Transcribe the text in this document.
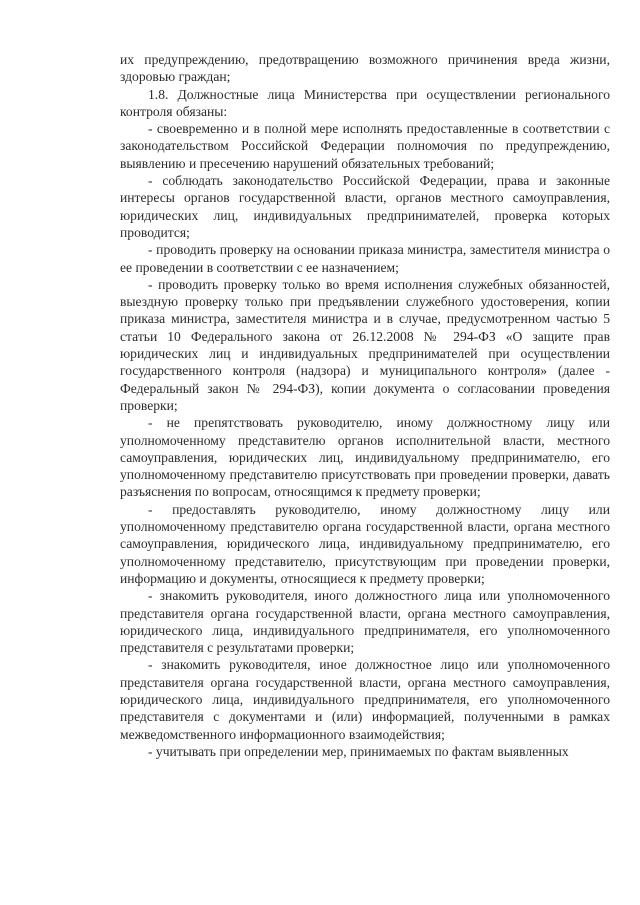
их предупреждению, предотвращению возможного причинения вреда жизни, здоровью граждан;

1.8. Должностные лица Министерства при осуществлении регионального контроля обязаны:

- своевременно и в полной мере исполнять предоставленные в соответствии с законодательством Российской Федерации полномочия по предупреждению, выявлению и пресечению нарушений обязательных требований;

- соблюдать законодательство Российской Федерации, права и законные интересы органов государственной власти, органов местного самоуправления, юридических лиц, индивидуальных предпринимателей, проверка которых проводится;

- проводить проверку на основании приказа министра, заместителя министра о ее проведении в соответствии с ее назначением;

- проводить проверку только во время исполнения служебных обязанностей, выездную проверку только при предъявлении служебного удостоверения, копии приказа министра, заместителя министра и в случае, предусмотренном частью 5 статьи 10 Федерального закона от 26.12.2008 № 294-ФЗ «О защите прав юридических лиц и индивидуальных предпринимателей при осуществлении государственного контроля (надзора) и муниципального контроля» (далее - Федеральный закон № 294-ФЗ), копии документа о согласовании проведения проверки;

- не препятствовать руководителю, иному должностному лицу или уполномоченному представителю органов исполнительной власти, местного самоуправления, юридических лиц, индивидуальному предпринимателю, его уполномоченному представителю присутствовать при проведении проверки, давать разъяснения по вопросам, относящимся к предмету проверки;

- предоставлять руководителю, иному должностному лицу или уполномоченному представителю органа государственной власти, органа местного самоуправления, юридического лица, индивидуальному предпринимателю, его уполномоченному представителю, присутствующим при проведении проверки, информацию и документы, относящиеся к предмету проверки;

- знакомить руководителя, иного должностного лица или уполномоченного представителя органа государственной власти, органа местного самоуправления, юридического лица, индивидуального предпринимателя, его уполномоченного представителя с результатами проверки;

- знакомить руководителя, иное должностное лицо или уполномоченного представителя органа государственной власти, органа местного самоуправления, юридического лица, индивидуального предпринимателя, его уполномоченного представителя с документами и (или) информацией, полученными в рамках межведомственного информационного взаимодействия;

- учитывать при определении мер, принимаемых по фактам выявленных
